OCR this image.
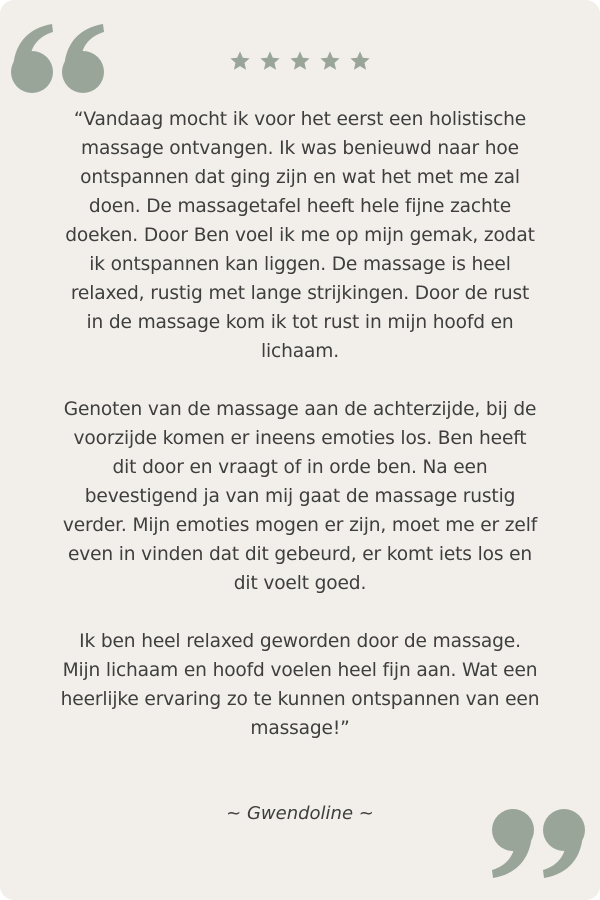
“Vandaag mocht ik voor het eerst een holistische massage ontvangen. Ik was benieuwd naar hoe ontspannen dat ging zijn en wat het met me zal doen. De massagetafel heeft hele fijne zachte doeken. Door Ben voel ik me op mijn gemak, zodat ik ontspannen kan liggen. De massage is heel relaxed, rustig met lange strijkingen. Door de rust in de massage kom ik tot rust in mijn hoofd en lichaam.

Genoten van de massage aan de achterzijde, bij de voorzijde komen er ineens emoties los. Ben heeft dit door en vraagt of in orde ben. Na een bevestigend ja van mij gaat de massage rustig verder. Mijn emoties mogen er zijn, moet me er zelf even in vinden dat dit gebeurd, er komt iets los en dit voelt goed.

Ik ben heel relaxed geworden door de massage. Mijn lichaam en hoofd voelen heel fijn aan. Wat een heerlijke ervaring zo te kunnen ontspannen van een massage!”

~ Gwendoline ~
